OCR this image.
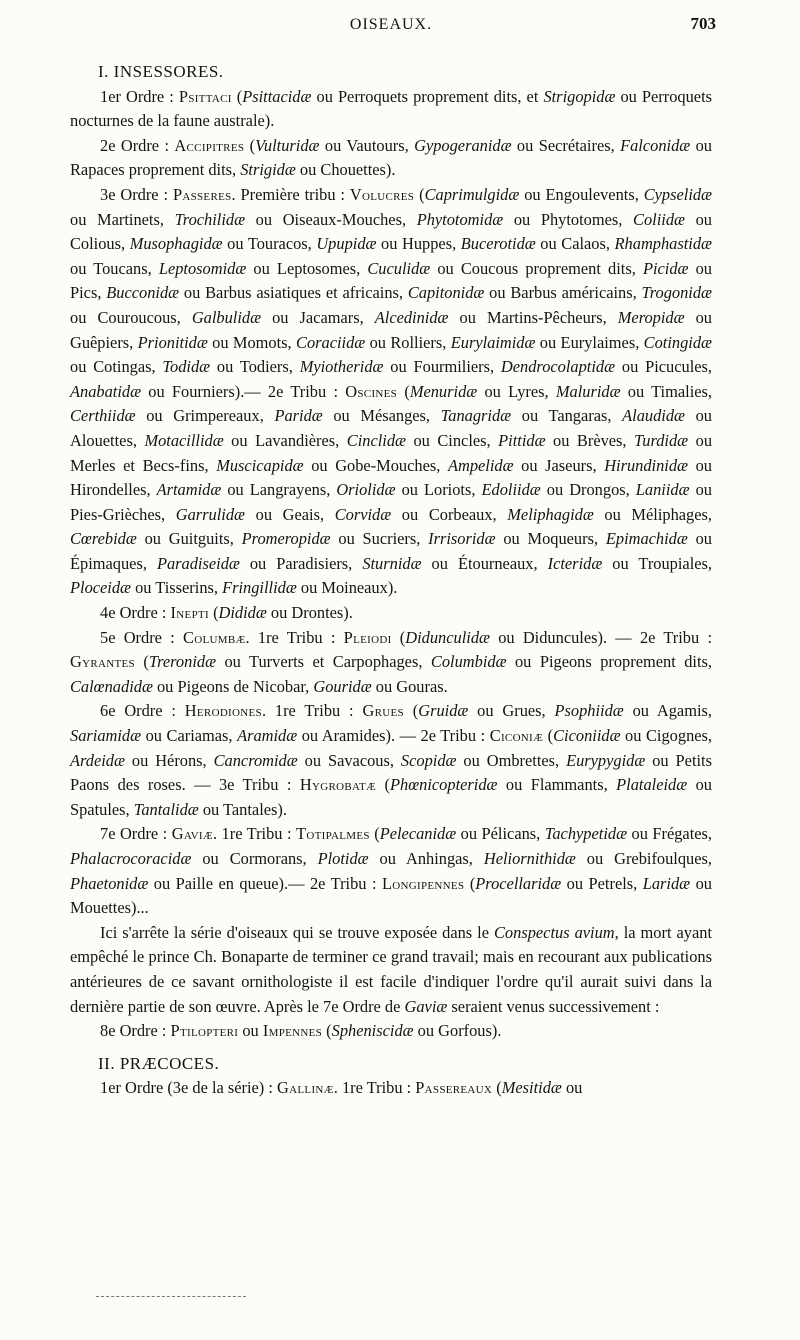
OISEAUX.	703
I. INSESSORES.

1er Ordre : Psittaci (Psittacidæ ou Perroquets proprement dits, et Strigopidæ ou Perroquets nocturnes de la faune australe).

2e Ordre : Accipitres (Vulturidæ ou Vautours, Gypogeranidæ ou Secrétaires, Falconidæ ou Rapaces proprement dits, Strigidæ ou Chouettes).

3e Ordre : Passeres. Première tribu : Volucres (Caprimulgidæ ou Engoulevents, Cypselidæ ou Martinets, Trochilidæ ou Oiseaux-Mouches, Phytotomidæ ou Phytotomes, Coliidæ ou Colious, Musophagidæ ou Touracos, Upupidæ ou Huppes, Bucerotidæ ou Calaos, Rhamphastidæ ou Toucans, Leptosomidæ ou Leptosomes, Cuculidæ ou Coucous proprement dits, Picidæ ou Pics, Bucconidæ ou Barbus asiatiques et africains, Capitonidæ ou Barbus américains, Trogonidæ ou Couroucous, Galbulidæ ou Jacamars, Alcedinidæ ou Martins-Pêcheurs, Meropidæ ou Guêpiers, Prionitidæ ou Momots, Coraciidæ ou Rolliers, Eurylaimidæ ou Eurylaimes, Cotingidæ ou Cotingas, Todidæ ou Todiers, Myiotheridæ ou Fourmiliers, Dendrocolaptidæ ou Picucules, Anabatidæ ou Fourniers).— 2e Tribu : Oscines (Menuridæ ou Lyres, Maluridæ ou Timalies, Certhiidæ ou Grimpereaux, Paridæ ou Mésanges, Tanagridæ ou Tangaras, Alaudidæ ou Alouettes, Motacillidæ ou Lavandières, Cinclidæ ou Cincles, Pittidæ ou Brèves, Turdidæ ou Merles et Becs-fins, Muscicapidæ ou Gobe-Mouches, Ampelidæ ou Jaseurs, Hirundinidæ ou Hirondelles, Artamidæ ou Langrayens, Oriolidæ ou Loriots, Edoliidæ ou Drongos, Laniidæ ou Pies-Grièches, Garrulidæ ou Geais, Corvidæ ou Corbeaux, Meliphagidæ ou Méliphages, Cœrebidæ ou Guitguits, Promeropidæ ou Sucriers, Irrisoridæ ou Moqueurs, Epimachidæ ou Épimaques, Paradiseidæ ou Paradisiers, Sturnidæ ou Étourneaux, Icteridæ ou Troupiales, Ploceidæ ou Tisserins, Fringillidæ ou Moineaux).

4e Ordre : Inepti (Dididæ ou Drontes).

5e Ordre : Columbæ. 1re Tribu : Pleiodi (Didunculidæ ou Diduncules). — 2e Tribu : Gyrantes (Treronidæ ou Turverts et Carpophages, Columbidæ ou Pigeons proprement dits, Calœnadidæ ou Pigeons de Nicobar, Gouridæ ou Gouras.

6e Ordre : Herodiones. 1re Tribu : Grues (Gruidæ ou Grues, Psophiidæ ou Agamis, Sariamidæ ou Cariamas, Aramidæ ou Aramides). — 2e Tribu : Ciconiæ (Ciconiidæ ou Cigognes, Ardeidæ ou Hérons, Cancromidæ ou Savacous, Scopidæ ou Ombrettes, Eurypygidæ ou Petits Paons des roses. — 3e Tribu : Hygrobatæ (Phœnicopteridæ ou Flammants, Plataleidæ ou Spatules, Tantalidæ ou Tantales).

7e Ordre : Gaviæ. 1re Tribu : Totipalmes (Pelecanidæ ou Pélicans, Tachypetidæ ou Frégates, Phalacrocoracidæ ou Cormorans, Plotidæ ou Anhingas, Heliornithidæ ou Grebifoulques, Phaetonidæ ou Paille en queue).— 2e Tribu : Longipennes (Procellaridæ ou Petrels, Laridæ ou Mouettes)...

Ici s'arrête la série d'oiseaux qui se trouve exposée dans le Conspectus avium, la mort ayant empêché le prince Ch. Bonaparte de terminer ce grand travail; mais en recourant aux publications antérieures de ce savant ornithologiste il est facile d'indiquer l'ordre qu'il aurait suivi dans la dernière partie de son œuvre. Après le 7e Ordre de Gaviæ seraient venus successivement :

8e Ordre : Ptilopteri ou Impennes (Spheniscidæ ou Gorfous).

II. PRÆCOCES.

1er Ordre (3e de la série) : Gallinæ. 1re Tribu : Passereaux (Mesitidæ ou
